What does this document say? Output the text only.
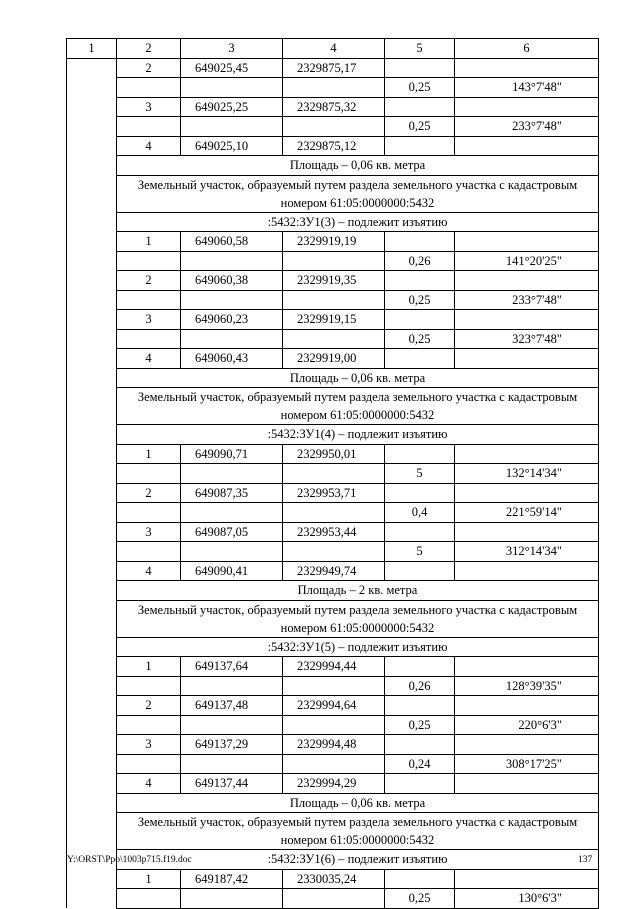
1	2	3	4	5	6
	2	649025,45	2329875,17		
				0,25	143°7'48"
	3	649025,25	2329875,32		
				0,25	233°7'48"
	4	649025,10	2329875,12		
	Площадь – 0,06 кв. метра				
	Земельный участок, образуемый путем раздела земельного участка с кадастровым номером 61:05:0000000:5432				
	:5432:ЗУ1(3) – подлежит изъятию				
	1	649060,58	2329919,19		
				0,26	141°20'25"
	2	649060,38	2329919,35		
				0,25	233°7'48"
	3	649060,23	2329919,15		
				0,25	323°7'48"
	4	649060,43	2329919,00		
	Площадь – 0,06 кв. метра				
	Земельный участок, образуемый путем раздела земельного участка с кадастровым номером 61:05:0000000:5432				
	:5432:ЗУ1(4) – подлежит изъятию				
	1	649090,71	2329950,01		
				5	132°14'34"
	2	649087,35	2329953,71		
				0,4	221°59'14"
	3	649087,05	2329953,44		
				5	312°14'34"
	4	649090,41	2329949,74		
	Площадь – 2 кв. метра				
	Земельный участок, образуемый путем раздела земельного участка с кадастровым номером 61:05:0000000:5432				
	:5432:ЗУ1(5) – подлежит изъятию				
	1	649137,64	2329994,44		
				0,26	128°39'35"
	2	649137,48	2329994,64		
				0,25	220°6'3"
	3	649137,29	2329994,48		
				0,24	308°17'25"
	4	649137,44	2329994,29		
	Площадь – 0,06 кв. метра				
	Земельный участок, образуемый путем раздела земельного участка с кадастровым номером 61:05:0000000:5432				
	:5432:ЗУ1(6) – подлежит изъятию				
	1	649187,42	2330035,24		
				0,25	130°6'3"
Y:\ORST\Ppo\1003p715.f19.doc	137
